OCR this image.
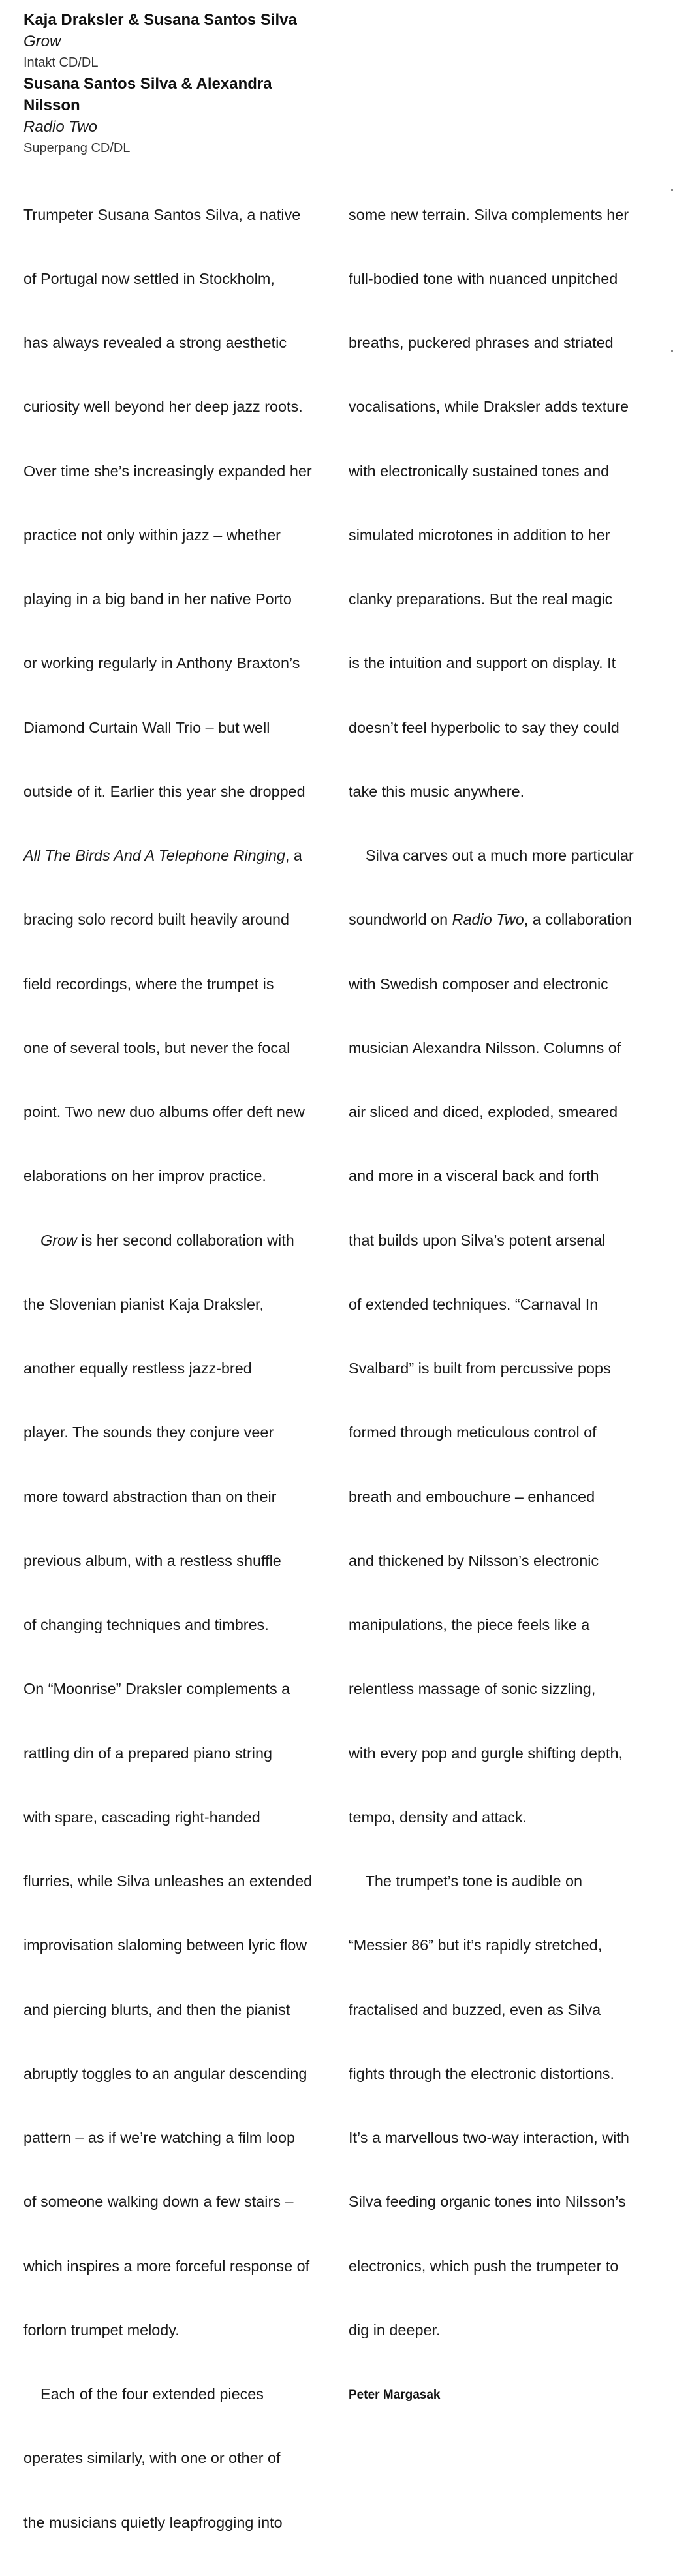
Kaja Draksler & Susana Santos Silva
Grow
Intakt CD/DL
Susana Santos Silva & Alexandra
Nilsson
Radio Two
Superpang CD/DL

Trumpeter Susana Santos Silva, a native

of Portugal now settled in Stockholm,

has always revealed a strong aesthetic

curiosity well beyond her deep jazz roots.

Over time she’s increasingly expanded her

practice not only within jazz – whether

playing in a big band in her native Porto

or working regularly in Anthony Braxton’s

Diamond Curtain Wall Trio – but well

outside of it. Earlier this year she dropped

All The Birds And A Telephone Ringing, a

bracing solo record built heavily around

field recordings, where the trumpet is

one of several tools, but never the focal

point. Two new duo albums offer deft new

elaborations on her improv practice.

Grow is her second collaboration with

the Slovenian pianist Kaja Draksler,

another equally restless jazz-bred

player. The sounds they conjure veer

more toward abstraction than on their

previous album, with a restless shuffle

of changing techniques and timbres.

On “Moonrise” Draksler complements a

rattling din of a prepared piano string

with spare, cascading right-handed

flurries, while Silva unleashes an extended

improvisation slaloming between lyric flow

and piercing blurts, and then the pianist

abruptly toggles to an angular descending

pattern – as if we’re watching a film loop

of someone walking down a few stairs –

which inspires a more forceful response of

forlorn trumpet melody.

Each of the four extended pieces

operates similarly, with one or other of

the musicians quietly leapfrogging into

some new terrain. Silva complements her

full-bodied tone with nuanced unpitched

breaths, puckered phrases and striated

vocalisations, while Draksler adds texture

with electronically sustained tones and

simulated microtones in addition to her

clanky preparations. But the real magic

is the intuition and support on display. It

doesn’t feel hyperbolic to say they could

take this music anywhere.

Silva carves out a much more particular

soundworld on Radio Two, a collaboration

with Swedish composer and electronic

musician Alexandra Nilsson. Columns of

air sliced and diced, exploded, smeared

and more in a visceral back and forth

that builds upon Silva’s potent arsenal

of extended techniques. “Carnaval In

Svalbard” is built from percussive pops

formed through meticulous control of

breath and embouchure – enhanced

and thickened by Nilsson’s electronic

manipulations, the piece feels like a

relentless massage of sonic sizzling,

with every pop and gurgle shifting depth,

tempo, density and attack.

The trumpet’s tone is audible on

“Messier 86” but it’s rapidly stretched,

fractalised and buzzed, even as Silva

fights through the electronic distortions.

It’s a marvellous two-way interaction, with

Silva feeding organic tones into Nilsson’s

electronics, which push the trumpeter to

dig in deeper.

Peter Margasak
